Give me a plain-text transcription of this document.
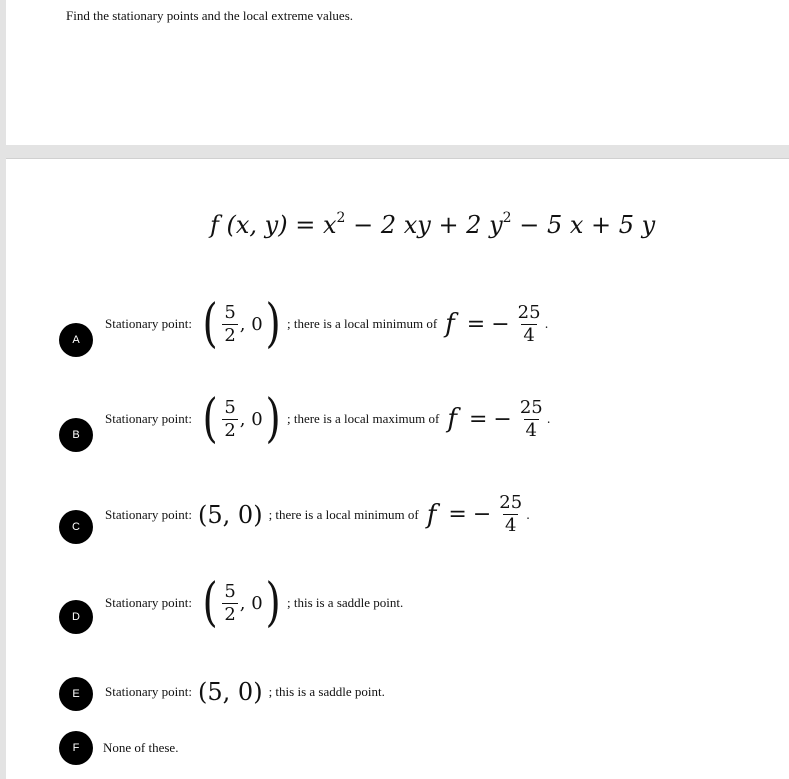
Find the stationary points and the local extreme values.
f (x, $y) = x^2 - 2$ xy + 2 $y^2 - 5$ x + 5 y
A
Stationary point: ( $\frac{5}{2}$ , 0 ) ; there is a local minimum of f = − $\frac{25}{4}$ .
B
Stationary point: ( $\frac{5}{2}$ , 0 ) ; there is a local maximum of f = − $\frac{25}{4}$ .
C
Stationary point: (5, 0) ; there is a local minimum of f = − $\frac{25}{4}$ .
D
Stationary point: ( $\frac{5}{2}$ , 0 ) ; this is a saddle point.
E	Stationary point: (5, 0) ; this is a saddle point.
F	None of these.
